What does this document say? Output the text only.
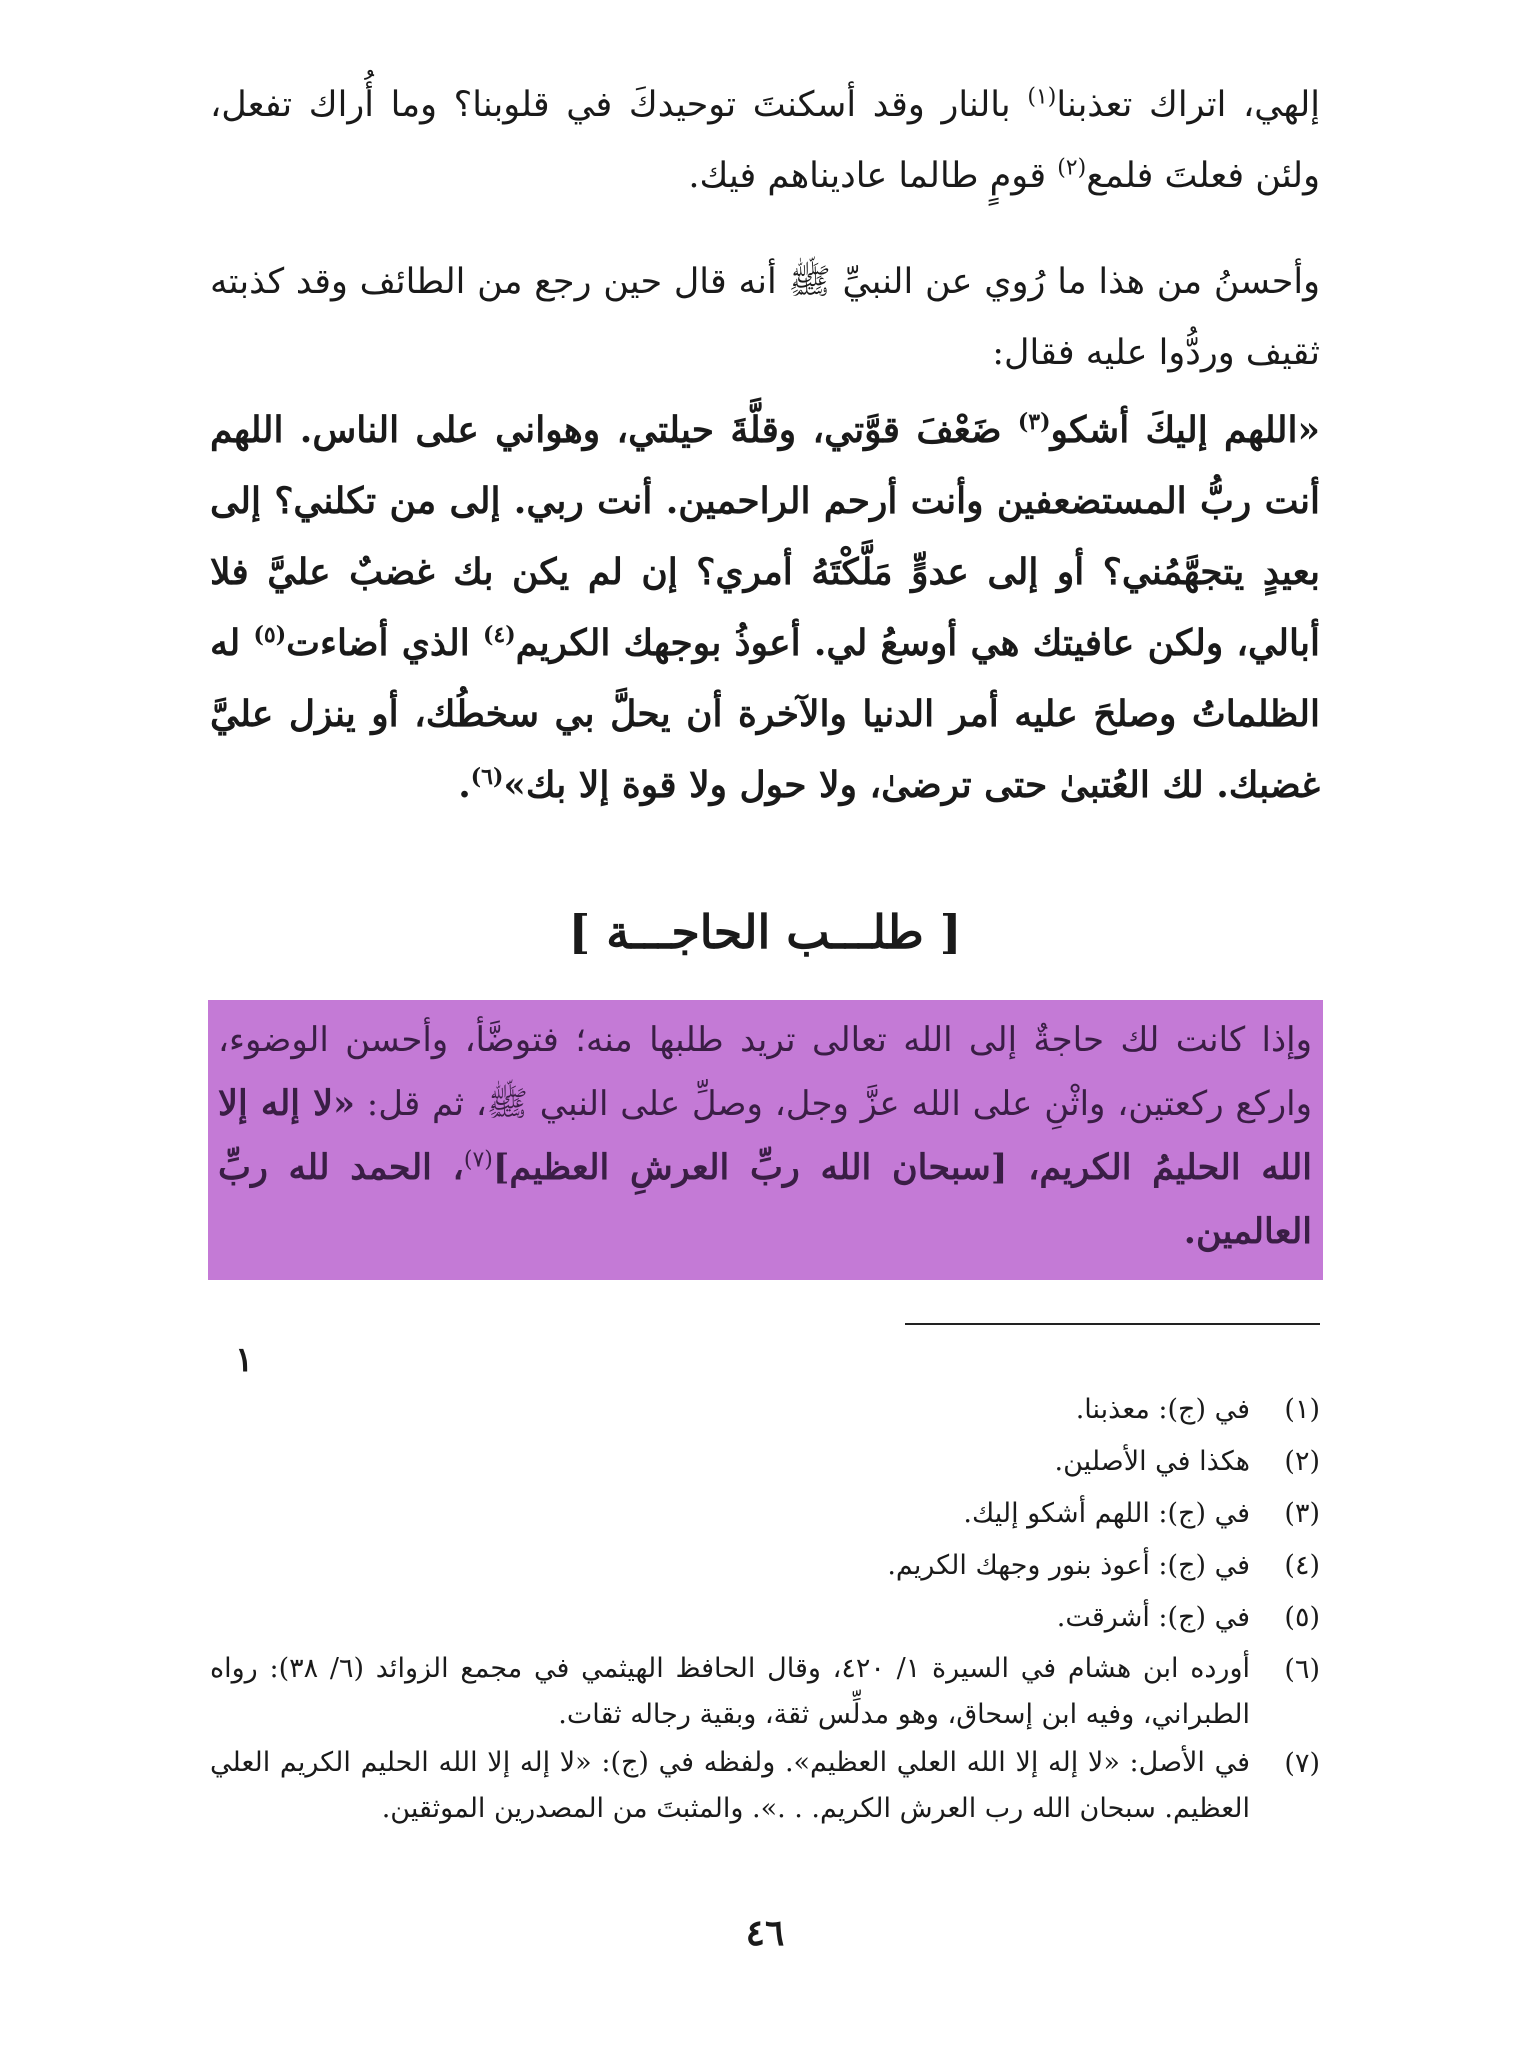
إلهي، اتراك تعذبنا$^{(١)}$ بالنار وقد أسكنتَ توحيدكَ في قلوبنا؟ وما أُراك تفعل، ولئن فعلتَ فلمع$^{(٢)}$ قومٍ طالما عاديناهم فيك.

وأحسنُ من هذا ما رُوي عن النبيِّ ﷺ أنه قال حين رجع من الطائف وقد كذبته ثقيف وردُّوا عليه فقال:

«اللهم إليكَ أشكو$^{(٣)}$ ضَعْفَ قوَّتي، وقلَّةَ حيلتي، وهواني على الناس. اللهم أنت ربُّ المستضعفين وأنت أرحم الراحمين. أنت ربي. إلى من تكلني؟ إلى بعيدٍ يتجهَّمُني؟ أو إلى عدوٍّ مَلَّكْتَهُ أمري؟ إن لم يكن بك غضبٌ عليَّ فلا أبالي، ولكن عافيتك هي أوسعُ لي. أعوذُ بوجهك الكريم$^{(٤)}$ الذي أضاءت$^{(٥)}$ له الظلماتُ وصلحَ عليه أمر الدنيا والآخرة أن يحلَّ بي سخطُك، أو ينزل عليَّ غضبك. لك العُتبىٰ حتى ترضىٰ، ولا حول ولا قوة إلا بك»$^{(٦)}$.

[ طلـــب الحاجـــة ]

وإذا كانت لك حاجةٌ إلى الله تعالى تريد طلبها منه؛ فتوضَّأ، وأحسن الوضوء، واركع ركعتين، واثْنِ على الله عزَّ وجل، وصلِّ على النبي ﷺ، ثم قل: «لا إله إلا الله الحليمُ الكريم، [سبحان الله ربِّ العرشِ العظيم]$^{(٧)}$، الحمد لله ربِّ العالمين.

(١)
في (ج): معذبنا.
(٢)
هكذا في الأصلين.
(٣)
في (ج): اللهم أشكو إليك.
(٤)
في (ج): أعوذ بنور وجهك الكريم.
(٥)
في (ج): أشرقت.
(٦)
أورده ابن هشام في السيرة ١/ ٤٢٠، وقال الحافظ الهيثمي في مجمع الزوائد (٦/ ٣٨): رواه الطبراني، وفيه ابن إسحاق، وهو مدلِّس ثقة، وبقية رجاله ثقات.
(٧)
في الأصل: «لا إله إلا الله العلي العظيم». ولفظه في (ج): «لا إله إلا الله الحليم الكريم العلي العظيم. سبحان الله رب العرش الكريم. . .». والمثبتَ من المصدرين الموثقين.
٤٦
١
